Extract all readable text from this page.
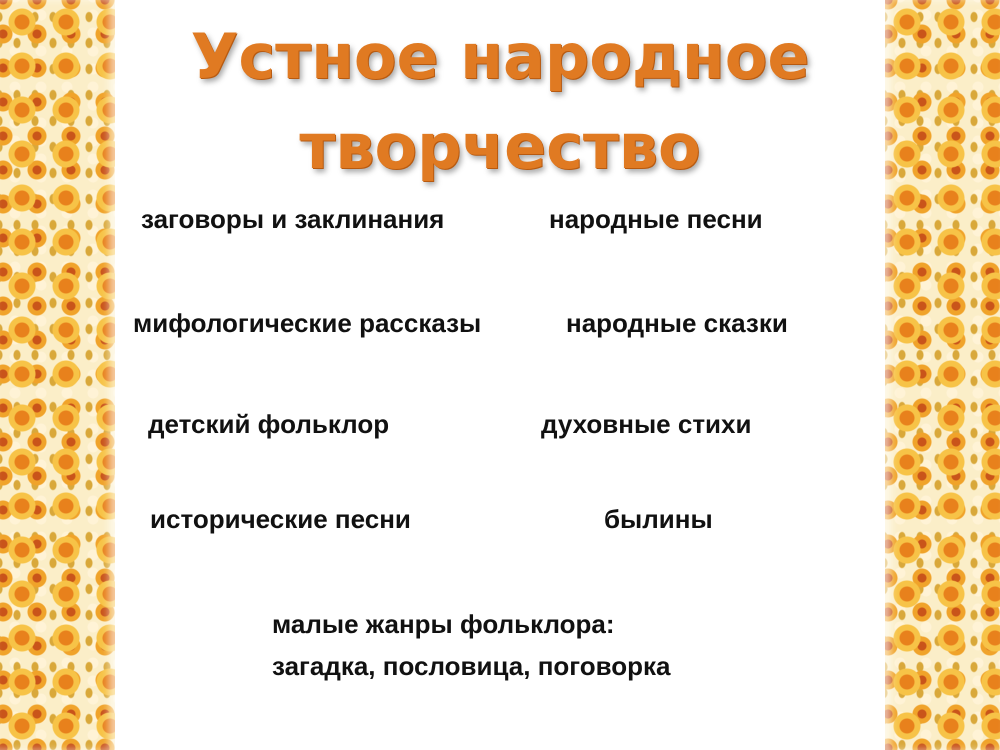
Устное народное
творчество
заговоры и заклинания	народные песни
мифологические рассказы	народные сказки
детский фольклор	духовные стихи
исторические песни	былины
малые жанры фольклора:
загадка, пословица, поговорка
